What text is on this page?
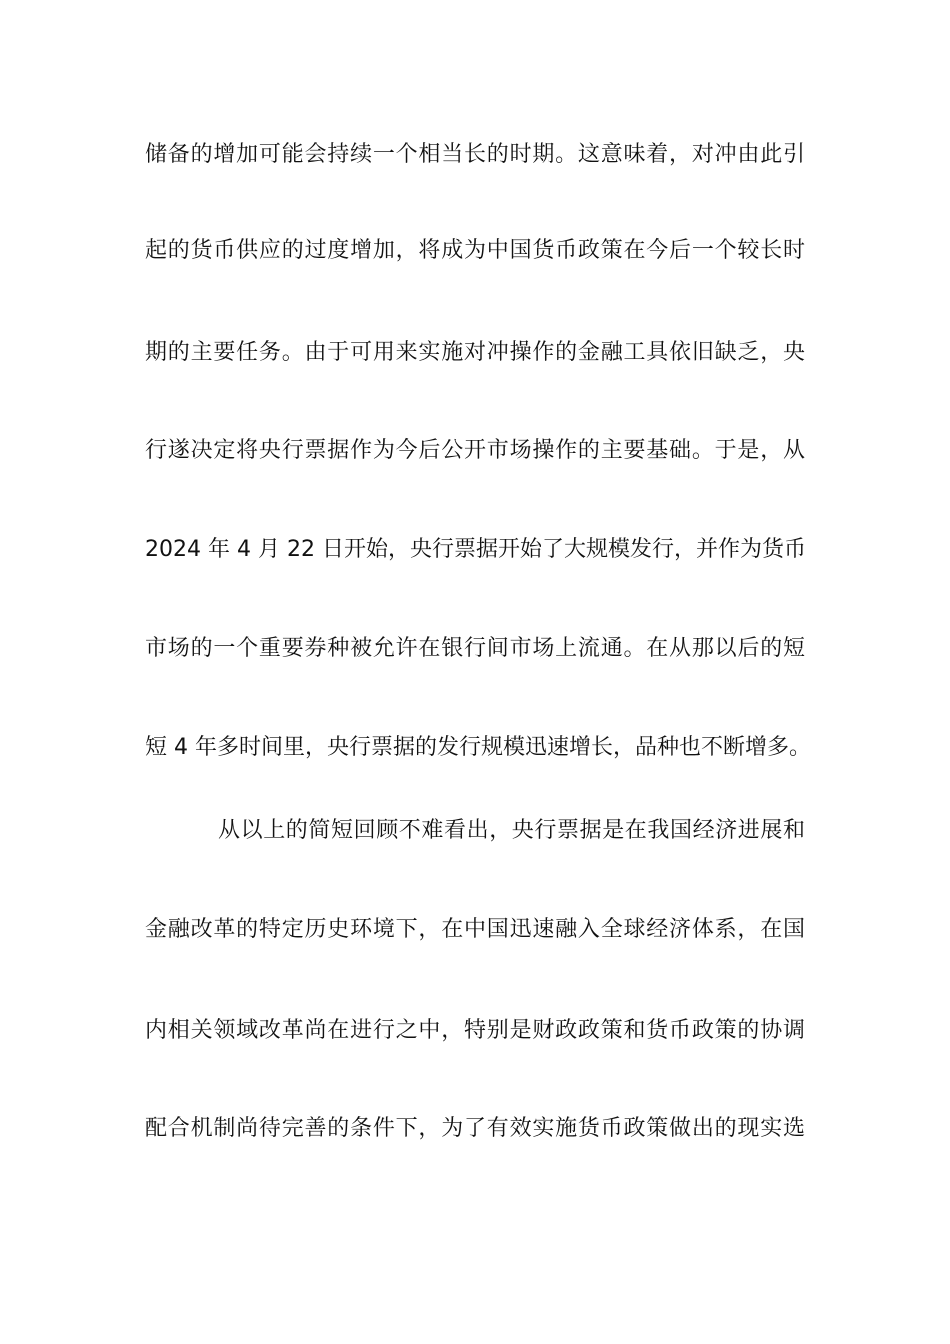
储备的增加可能会持续一个相当长的时期。这意味着，对冲由此引
起的货币供应的过度增加，将成为中国货币政策在今后一个较长时
期的主要任务。由于可用来实施对冲操作的金融工具依旧缺乏，央
行遂决定将央行票据作为今后公开市场操作的主要基础。于是，从
2024 年 4 月 22 日开始，央行票据开始了大规模发行，并作为货币
市场的一个重要券种被允许在银行间市场上流通。在从那以后的短
短 4 年多时间里，央行票据的发行规模迅速增长，品种也不断增多。
从以上的简短回顾不难看出，央行票据是在我国经济进展和
金融改革的特定历史环境下，在中国迅速融入全球经济体系，在国
内相关领域改革尚在进行之中，特别是财政政策和货币政策的协调
配合机制尚待完善的条件下，为了有效实施货币政策做出的现实选
